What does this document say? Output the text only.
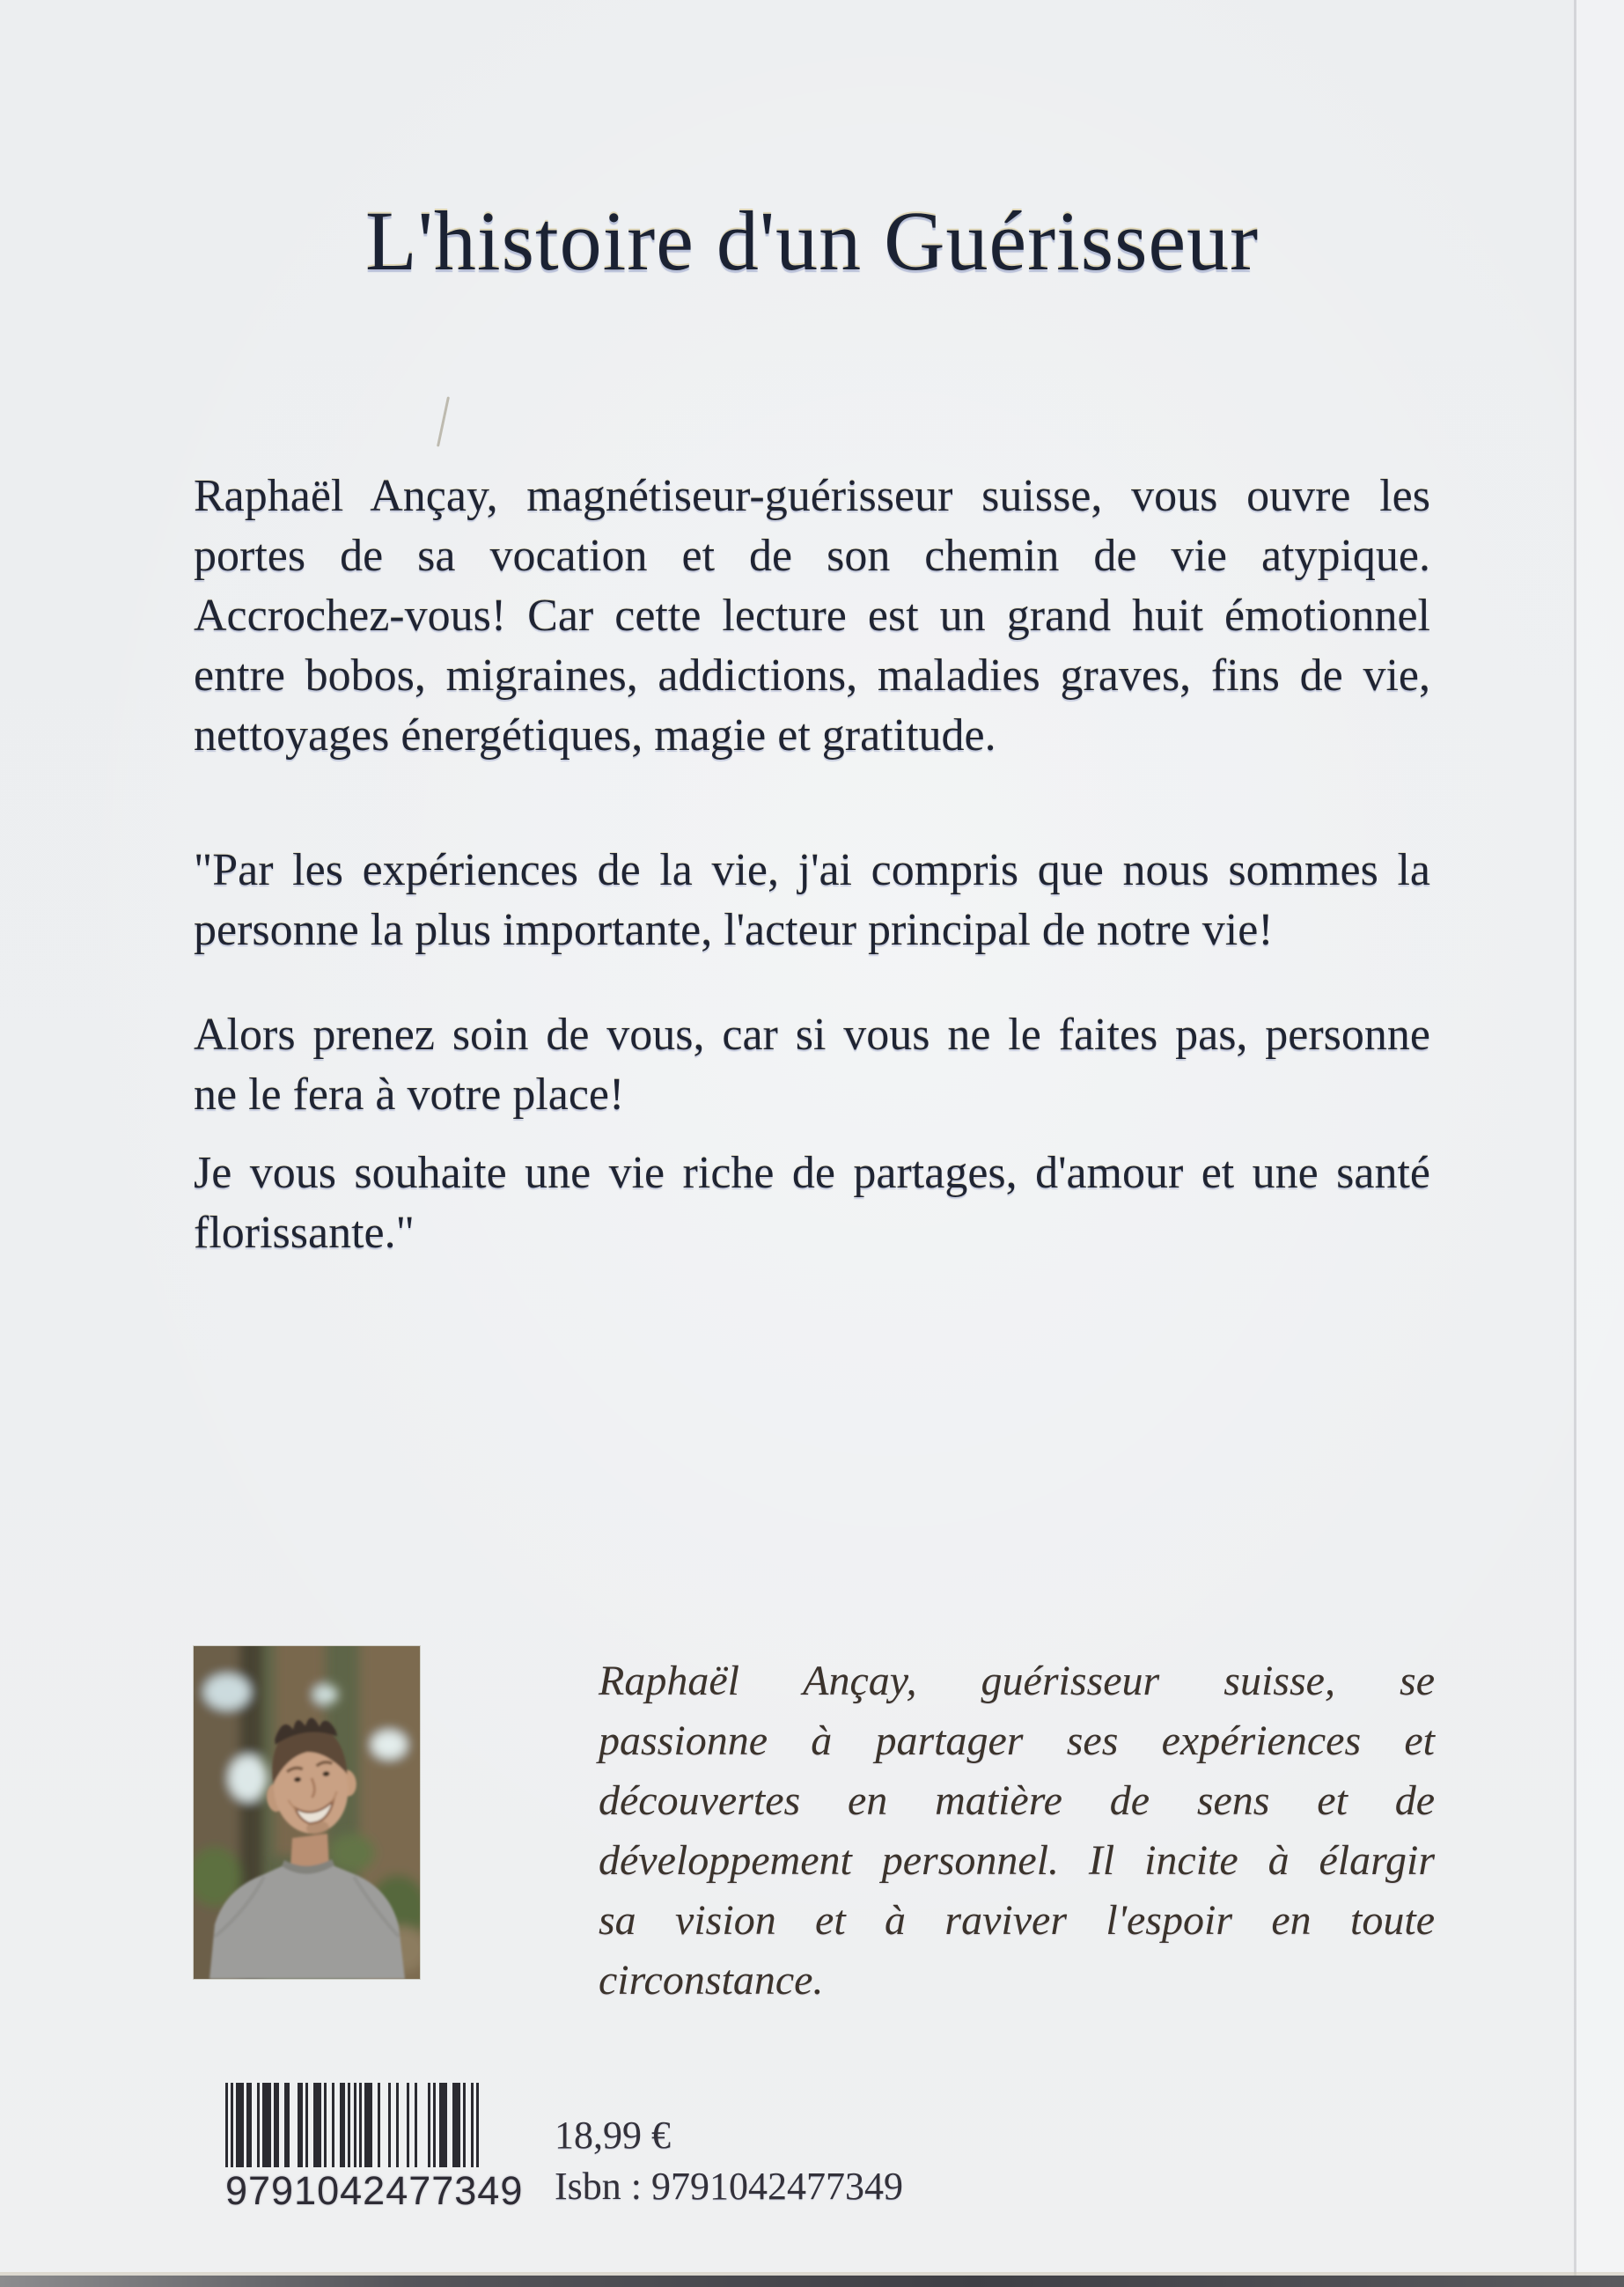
L'histoire d'un Guérisseur
Raphaël Ançay, magnétiseur-guérisseur suisse, vous ouvre les
portes de sa vocation et de son chemin de vie atypique.
Accrochez-vous! Car cette lecture est un grand huit émotionnel
entre bobos, migraines, addictions, maladies graves, fins de vie,
nettoyages énergétiques, magie et gratitude.
"Par les expériences de la vie, j'ai compris que nous sommes la
personne la plus importante, l'acteur principal de notre vie!
Alors prenez soin de vous, car si vous ne le faites pas, personne
ne le fera à votre place!
Je vous souhaite une vie riche de partages, d'amour et une santé
florissante."
Raphaël Ançay, guérisseur suisse, se
passionne à partager ses expériences et
découvertes en matière de sens et de
développement personnel. Il incite à élargir
sa vision et à raviver l'espoir en toute
circonstance.
9791042477349
18,99 €
Isbn : 9791042477349
